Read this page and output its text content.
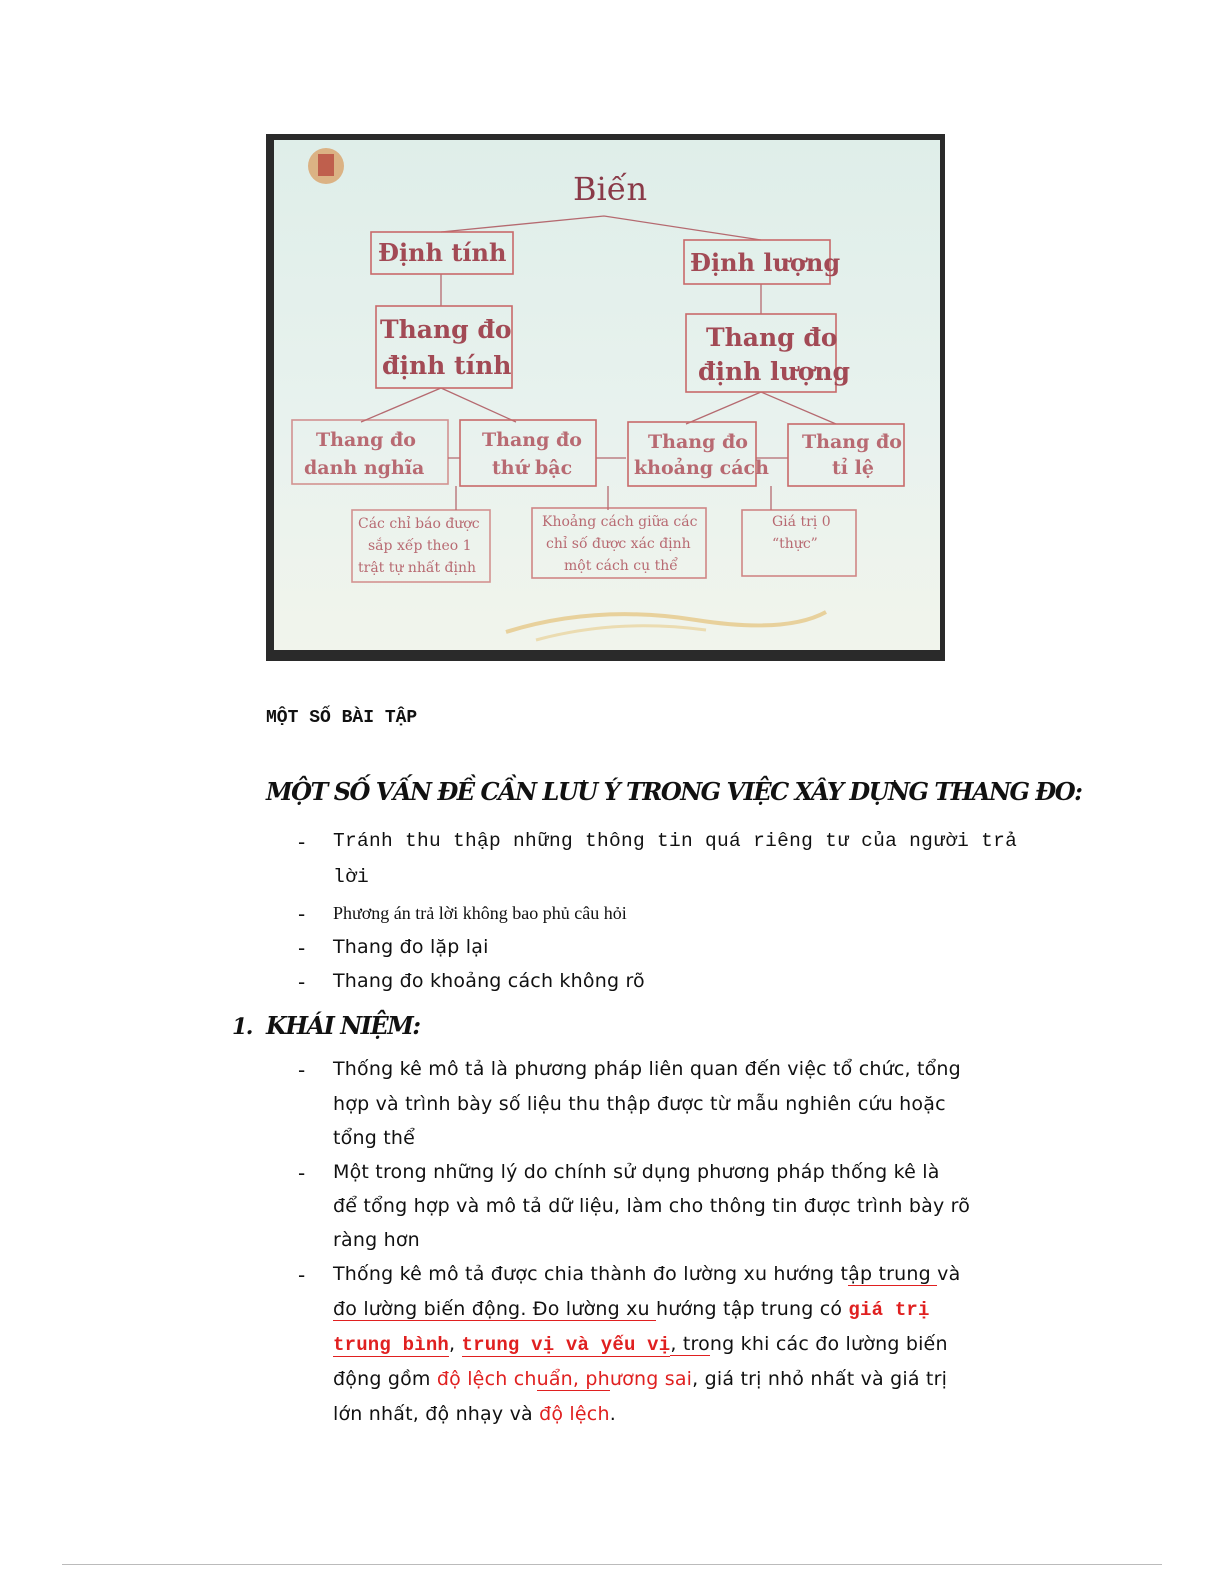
Biến
Định tính	Định lượng
Thang đo
định tính
Thang đo
định lượng
Thang đo
danh nghĩa
Thang đo
thứ bậc
Thang đo
khoảng cách
Thang đo
tỉ lệ
Các chỉ báo được
sắp xếp theo 1
trật tự nhất định
Khoảng cách giữa các
chỉ số được xác định
một cách cụ thể
Giá trị 0
“thực”
MỘT SỐ BÀI TẬP
MỘT SỐ VẤN ĐỀ CẦN LƯU Ý TRONG VIỆC XÂY DỰNG THANG ĐO:
- Tránh thu thập những thông tin quá riêng tư của người trả
lời
- Phương án trả lời không bao phủ câu hỏi
- Thang đo lặp lại
- Thang đo khoảng cách không rõ
1. KHÁI NIỆM:
- Thống kê mô tả là phương pháp liên quan đến việc tổ chức, tổng
hợp và trình bày số liệu thu thập được từ mẫu nghiên cứu hoặc
tổng thể
- Một trong những lý do chính sử dụng phương pháp thống kê là
để tổng hợp và mô tả dữ liệu, làm cho thông tin được trình bày rõ
ràng hơn
- Thống kê mô tả được chia thành đo lường xu hướng tập trung và
đo lường biến động. Đo lường xu hướng tập trung có giá trị
trung bình, trung vị và yếu vị, trong khi các đo lường biến
động gồm độ lệch chuẩn, phương sai, giá trị nhỏ nhất và giá trị
lớn nhất, độ nhạy và độ lệch.
